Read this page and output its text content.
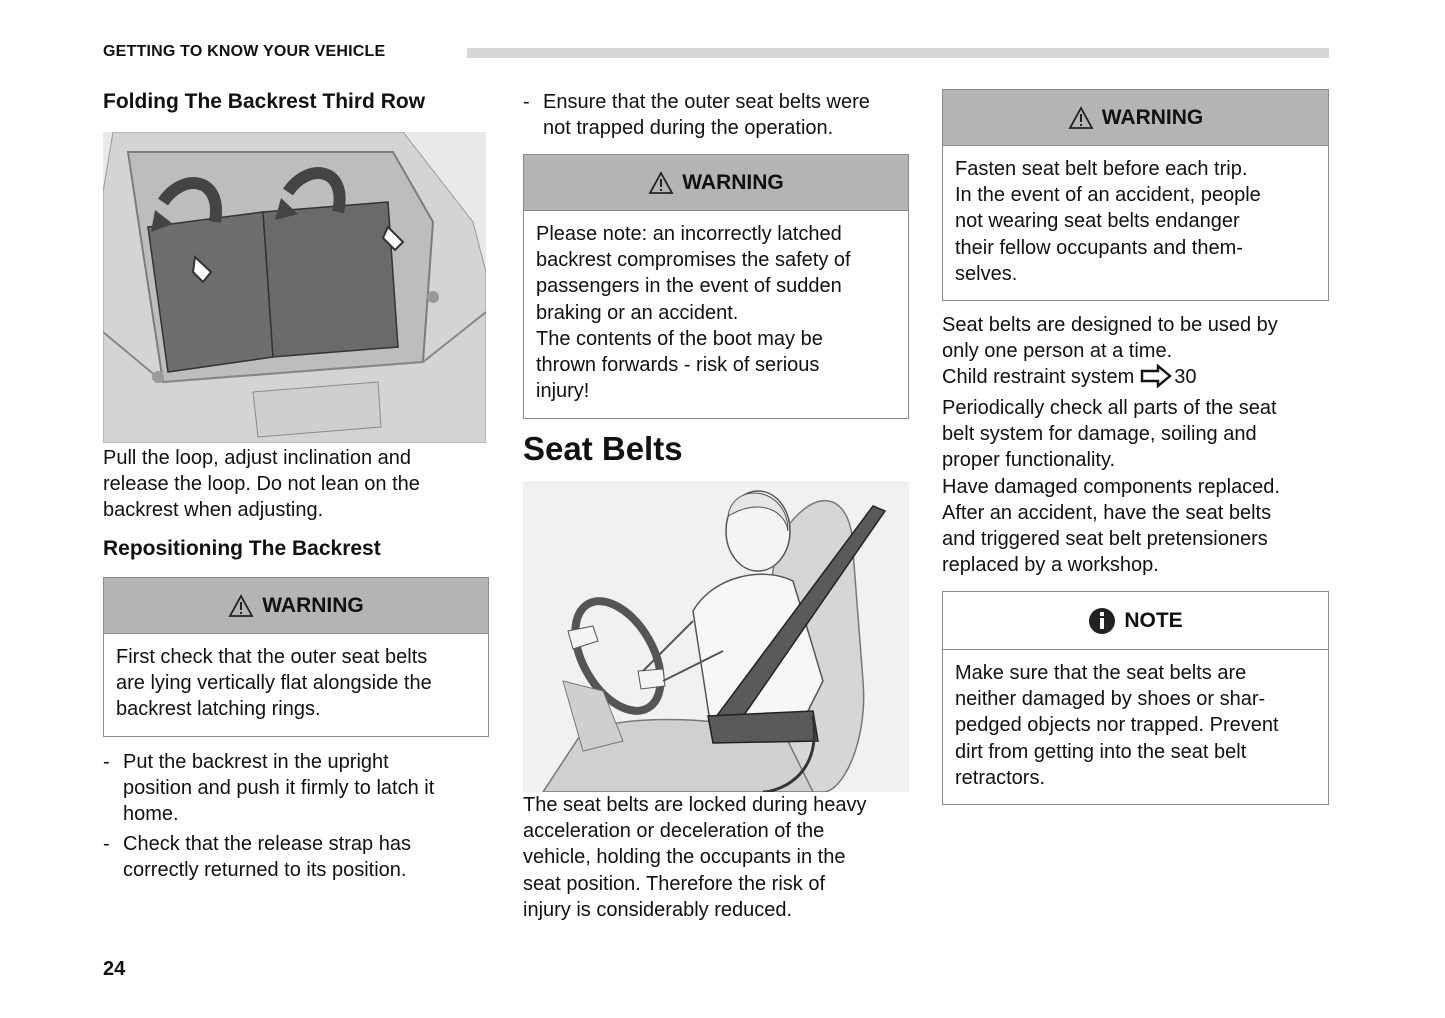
GETTING TO KNOW YOUR VEHICLE
Folding The Backrest Third Row
Pull the loop, adjust inclination and
release the loop. Do not lean on the
backrest when adjusting.
Repositioning The Backrest
WARNING
First check that the outer seat belts
are lying vertically flat alongside the
backrest latching rings.
- Put the backrest in the upright
position and push it firmly to latch it
home.
- Check that the release strap has
correctly returned to its position.
- Ensure that the outer seat belts were
not trapped during the operation.
WARNING
Please note: an incorrectly latched
backrest compromises the safety of
passengers in the event of sudden
braking or an accident.
The contents of the boot may be
thrown forwards - risk of serious
injury!
Seat Belts
The seat belts are locked during heavy
acceleration or deceleration of the
vehicle, holding the occupants in the
seat position. Therefore the risk of
injury is considerably reduced.
WARNING
Fasten seat belt before each trip.
In the event of an accident, people
not wearing seat belts endanger
their fellow occupants and them-
selves.
Seat belts are designed to be used by
only one person at a time.
Child restraint system 30
Periodically check all parts of the seat
belt system for damage, soiling and
proper functionality.
Have damaged components replaced.
After an accident, have the seat belts
and triggered seat belt pretensioners
replaced by a workshop.
NOTE
Make sure that the seat belts are
neither damaged by shoes or shar-
pedged objects nor trapped. Prevent
dirt from getting into the seat belt
retractors.
24
